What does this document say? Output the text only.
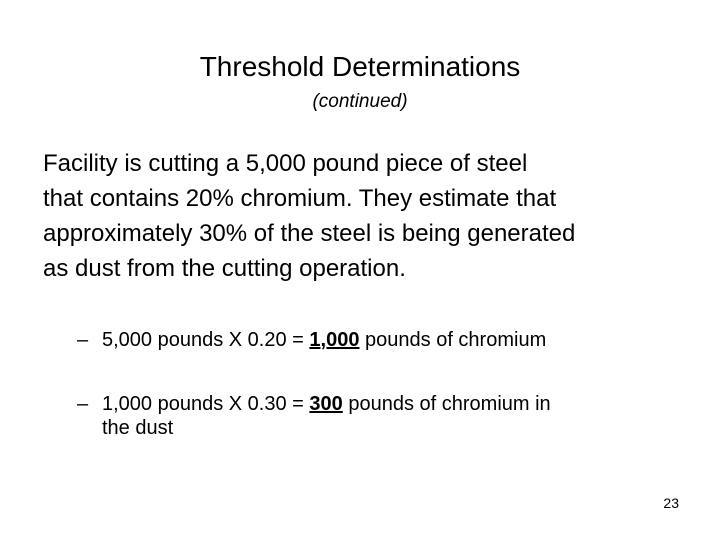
Threshold Determinations
(continued)
Facility is cutting a 5,000 pound piece of steel
that contains 20% chromium. They estimate that
approximately 30% of the steel is being generated
as dust from the cutting operation.
– 5,000 pounds X 0.20 = 1,000 pounds of chromium
– 1,000 pounds X 0.30 = 300 pounds of chromium in
the dust
23
